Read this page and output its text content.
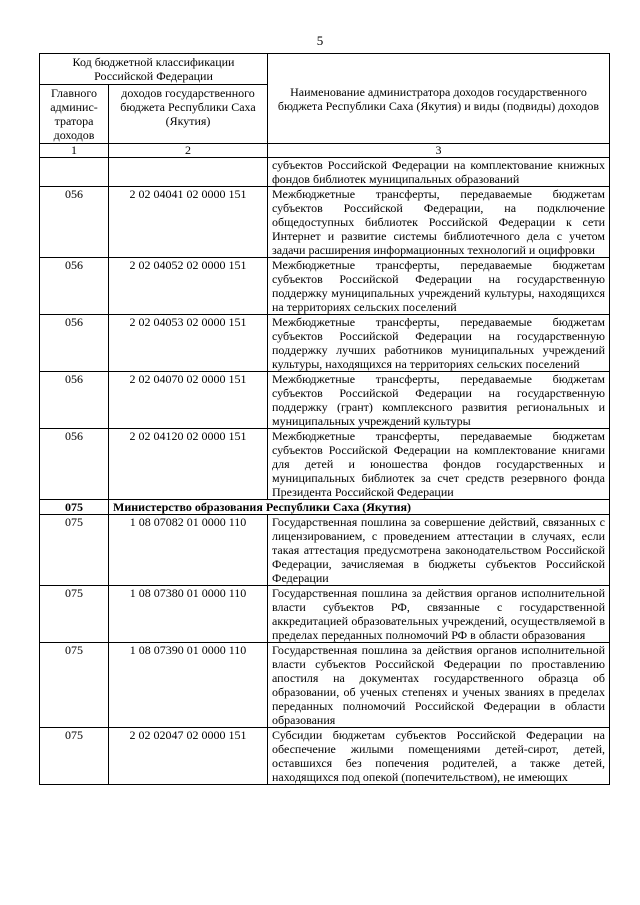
5
Код бюджетной классификации Российской Федерации		Наименование администратора доходов государственного бюджета Республики Саха (Якутия) и виды (подвиды) доходов
Главного админис-тратора доходов	доходов государственного бюджета Республики Саха (Якутия)	
1	2	3
		субъектов Российской Федерации на комплектование книжных фондов библиотек муниципальных образований
056	2 02 04041 02 0000 151	Межбюджетные трансферты, передаваемые бюджетам субъектов Российской Федерации, на подключение общедоступных библиотек Российской Федерации к сети Интернет и развитие системы библиотечного дела с учетом задачи расширения информационных технологий и оцифровки
056	2 02 04052 02 0000 151	Межбюджетные трансферты, передаваемые бюджетам субъектов Российской Федерации на государственную поддержку муниципальных учреждений культуры, находящихся на территориях сельских поселений
056	2 02 04053 02 0000 151	Межбюджетные трансферты, передаваемые бюджетам субъектов Российской Федерации на государственную поддержку лучших работников муниципальных учреждений культуры, находящихся на территориях сельских поселений
056	2 02 04070 02 0000 151	Межбюджетные трансферты, передаваемые бюджетам субъектов Российской Федерации на государственную поддержку (грант) комплексного развития региональных и муниципальных учреждений культуры
056	2 02 04120 02 0000 151	Межбюджетные трансферты, передаваемые бюджетам субъектов Российской Федерации на комплектование книгами для детей и юношества фондов государственных и муниципальных библиотек за счет средств резервного фонда Президента Российской Федерации
075	Министерство образования Республики Саха (Якутия)	
075	1 08 07082 01 0000 110	Государственная пошлина за совершение действий, связанных с лицензированием, с проведением аттестации в случаях, если такая аттестация предусмотрена законодательством Российской Федерации, зачисляемая в бюджеты субъектов Российской Федерации
075	1 08 07380 01 0000 110	Государственная пошлина за действия органов исполнительной власти субъектов РФ, связанные с государственной аккредитацией образовательных учреждений, осуществляемой в пределах переданных полномочий РФ в области образования
075	1 08 07390 01 0000 110	Государственная пошлина за действия органов исполнительной власти субъектов Российской Федерации по проставлению апостиля на документах государственного образца об образовании, об ученых степенях и ученых званиях в пределах переданных полномочий Российской Федерации в области образования
075	2 02 02047 02 0000 151	Субсидии бюджетам субъектов Российской Федерации на обеспечение жилыми помещениями детей-сирот, детей, оставшихся без попечения родителей, а также детей, находящихся под опекой (попечительством), не имеющих
